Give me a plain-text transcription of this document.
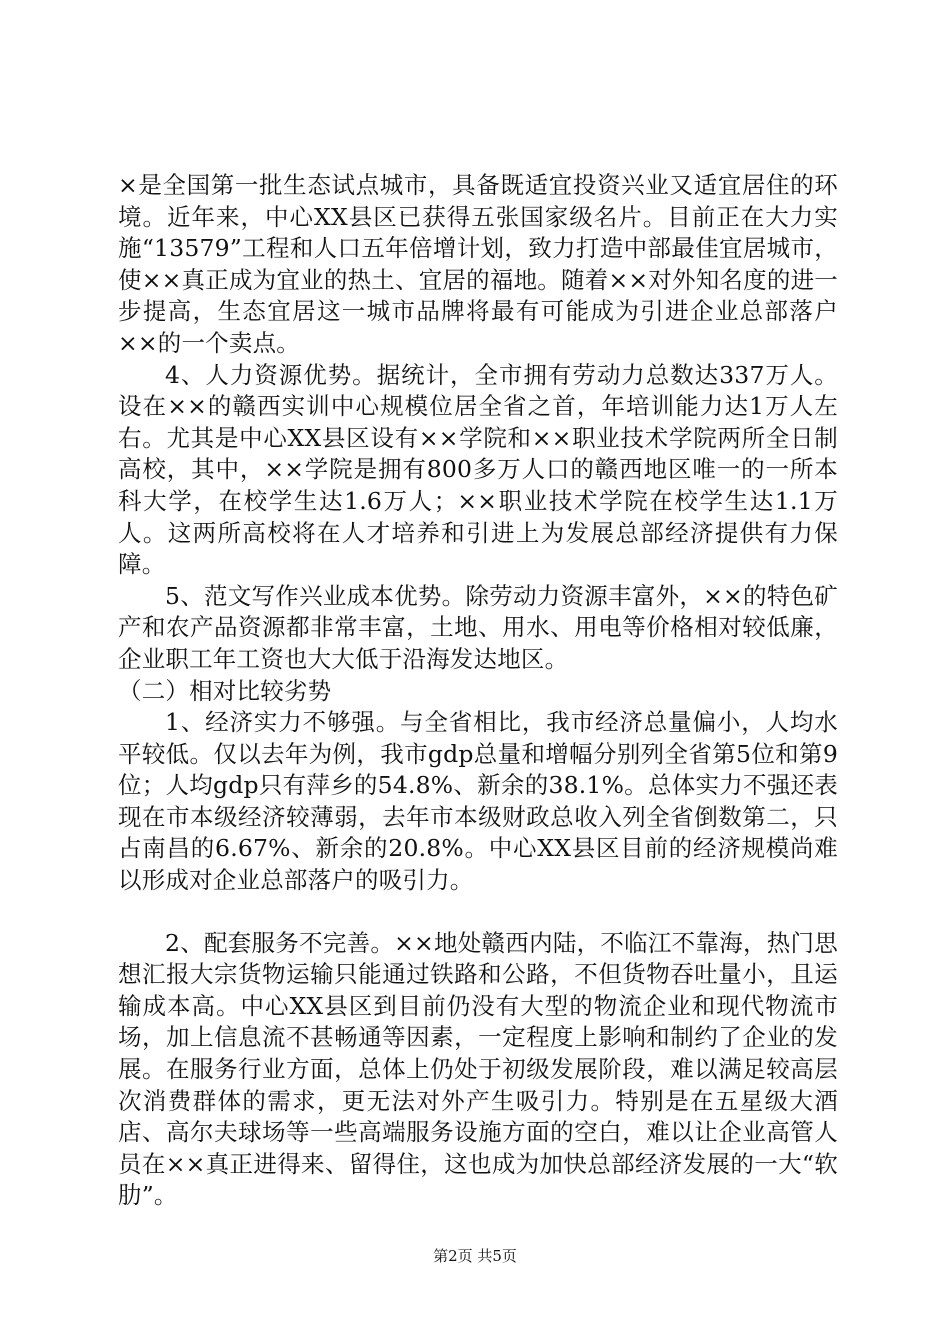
×是全国第一批生态试点城市，具备既适宜投资兴业又适宜居住的环境。近年来，中心XX县区已获得五张国家级名片。目前正在大力实施“13579”工程和人口五年倍增计划，致力打造中部最佳宜居城市，使××真正成为宜业的热土、宜居的福地。随着××对外知名度的进一步提高，生态宜居这一城市品牌将最有可能成为引进企业总部落户××的一个卖点。

4、人力资源优势。据统计，全市拥有劳动力总数达337万人。设在××的赣西实训中心规模位居全省之首，年培训能力达1万人左右。尤其是中心XX县区设有××学院和××职业技术学院两所全日制高校，其中，××学院是拥有800多万人口的赣西地区唯一的一所本科大学，在校学生达1.6万人；××职业技术学院在校学生达1.1万人。这两所高校将在人才培养和引进上为发展总部经济提供有力保障。

5、范文写作兴业成本优势。除劳动力资源丰富外，××的特色矿产和农产品资源都非常丰富，土地、用水、用电等价格相对较低廉，企业职工年工资也大大低于沿海发达地区。

（二）相对比较劣势

1、经济实力不够强。与全省相比，我市经济总量偏小，人均水平较低。仅以去年为例，我市gdp总量和增幅分别列全省第5位和第9位；人均gdp只有萍乡的54.8%、新余的38.1%。总体实力不强还表现在市本级经济较薄弱，去年市本级财政总收入列全省倒数第二，只占南昌的6.67%、新余的20.8%。中心XX县区目前的经济规模尚难以形成对企业总部落户的吸引力。

2、配套服务不完善。××地处赣西内陆，不临江不靠海，热门思想汇报大宗货物运输只能通过铁路和公路，不但货物吞吐量小，且运输成本高。中心XX县区到目前仍没有大型的物流企业和现代物流市场，加上信息流不甚畅通等因素，一定程度上影响和制约了企业的发展。在服务行业方面，总体上仍处于初级发展阶段，难以满足较高层次消费群体的需求，更无法对外产生吸引力。特别是在五星级大酒店、高尔夫球场等一些高端服务设施方面的空白，难以让企业高管人员在××真正进得来、留得住，这也成为加快总部经济发展的一大“软肋”。

第2页 共5页
